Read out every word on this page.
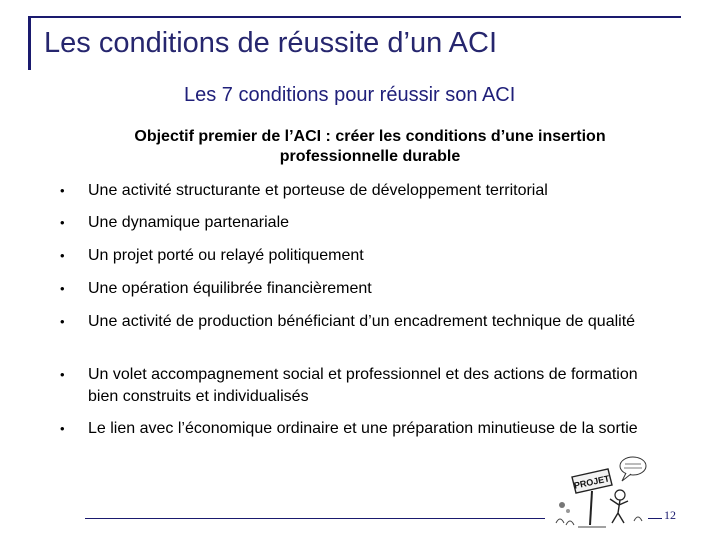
Les conditions de réussite d’un ACI
Les 7 conditions pour réussir son ACI
Objectif premier de l’ACI : créer les conditions d’une insertion professionnelle durable
• Une activité structurante et porteuse de développement territorial
• Une dynamique partenariale
• Un projet porté ou relayé politiquement
• Une opération équilibrée financièrement
• Une activité de production bénéficiant d’un encadrement technique de qualité
• Un volet accompagnement social et professionnel et des actions de formation bien construits et individualisés
• Le lien avec l’économique ordinaire et une préparation minutieuse de la sortie
PROJET
12
